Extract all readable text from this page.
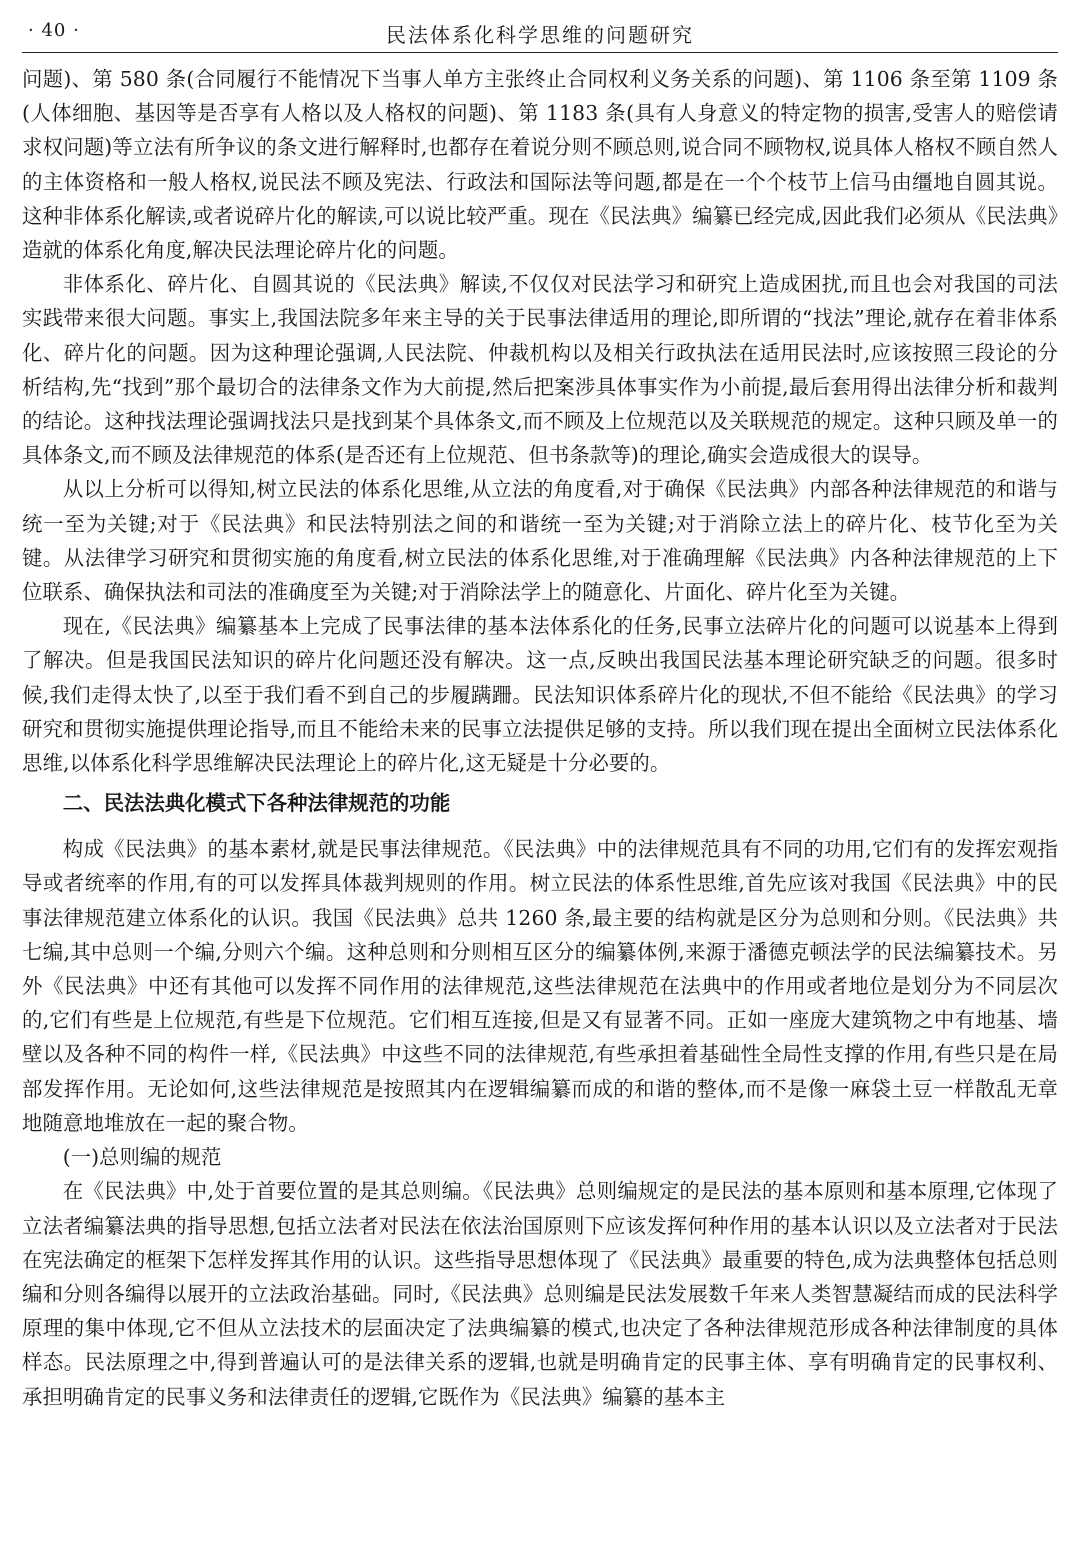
· 40 ·	民法体系化科学思维的问题研究

问题)、第 580 条(合同履行不能情况下当事人单方主张终止合同权利义务关系的问题)、第 1106 条至第 1109 条(人体细胞、基因等是否享有人格以及人格权的问题)、第 1183 条(具有人身意义的特定物的损害,受害人的赔偿请求权问题)等立法有所争议的条文进行解释时,也都存在着说分则不顾总则,说合同不顾物权,说具体人格权不顾自然人的主体资格和一般人格权,说民法不顾及宪法、行政法和国际法等问题,都是在一个个枝节上信马由缰地自圆其说。这种非体系化解读,或者说碎片化的解读,可以说比较严重。现在《民法典》编纂已经完成,因此我们必须从《民法典》造就的体系化角度,解决民法理论碎片化的问题。

非体系化、碎片化、自圆其说的《民法典》解读,不仅仅对民法学习和研究上造成困扰,而且也会对我国的司法实践带来很大问题。事实上,我国法院多年来主导的关于民事法律适用的理论,即所谓的“找法”理论,就存在着非体系化、碎片化的问题。因为这种理论强调,人民法院、仲裁机构以及相关行政执法在适用民法时,应该按照三段论的分析结构,先“找到”那个最切合的法律条文作为大前提,然后把案涉具体事实作为小前提,最后套用得出法律分析和裁判的结论。这种找法理论强调找法只是找到某个具体条文,而不顾及上位规范以及关联规范的规定。这种只顾及单一的具体条文,而不顾及法律规范的体系(是否还有上位规范、但书条款等)的理论,确实会造成很大的误导。

从以上分析可以得知,树立民法的体系化思维,从立法的角度看,对于确保《民法典》内部各种法律规范的和谐与统一至为关键;对于《民法典》和民法特别法之间的和谐统一至为关键;对于消除立法上的碎片化、枝节化至为关键。从法律学习研究和贯彻实施的角度看,树立民法的体系化思维,对于准确理解《民法典》内各种法律规范的上下位联系、确保执法和司法的准确度至为关键;对于消除法学上的随意化、片面化、碎片化至为关键。

现在,《民法典》编纂基本上完成了民事法律的基本法体系化的任务,民事立法碎片化的问题可以说基本上得到了解决。但是我国民法知识的碎片化问题还没有解决。这一点,反映出我国民法基本理论研究缺乏的问题。很多时候,我们走得太快了,以至于我们看不到自己的步履蹒跚。民法知识体系碎片化的现状,不但不能给《民法典》的学习研究和贯彻实施提供理论指导,而且不能给未来的民事立法提供足够的支持。所以我们现在提出全面树立民法体系化思维,以体系化科学思维解决民法理论上的碎片化,这无疑是十分必要的。

二、民法法典化模式下各种法律规范的功能

构成《民法典》的基本素材,就是民事法律规范。《民法典》中的法律规范具有不同的功用,它们有的发挥宏观指导或者统率的作用,有的可以发挥具体裁判规则的作用。树立民法的体系性思维,首先应该对我国《民法典》中的民事法律规范建立体系化的认识。我国《民法典》总共 1260 条,最主要的结构就是区分为总则和分则。《民法典》共七编,其中总则一个编,分则六个编。这种总则和分则相互区分的编纂体例,来源于潘德克顿法学的民法编纂技术。另外《民法典》中还有其他可以发挥不同作用的法律规范,这些法律规范在法典中的作用或者地位是划分为不同层次的,它们有些是上位规范,有些是下位规范。它们相互连接,但是又有显著不同。正如一座庞大建筑物之中有地基、墙壁以及各种不同的构件一样,《民法典》中这些不同的法律规范,有些承担着基础性全局性支撑的作用,有些只是在局部发挥作用。无论如何,这些法律规范是按照其内在逻辑编纂而成的和谐的整体,而不是像一麻袋土豆一样散乱无章地随意地堆放在一起的聚合物。

(一)总则编的规范

在《民法典》中,处于首要位置的是其总则编。《民法典》总则编规定的是民法的基本原则和基本原理,它体现了立法者编纂法典的指导思想,包括立法者对民法在依法治国原则下应该发挥何种作用的基本认识以及立法者对于民法在宪法确定的框架下怎样发挥其作用的认识。这些指导思想体现了《民法典》最重要的特色,成为法典整体包括总则编和分则各编得以展开的立法政治基础。同时,《民法典》总则编是民法发展数千年来人类智慧凝结而成的民法科学原理的集中体现,它不但从立法技术的层面决定了法典编纂的模式,也决定了各种法律规范形成各种法律制度的具体样态。民法原理之中,得到普遍认可的是法律关系的逻辑,也就是明确肯定的民事主体、享有明确肯定的民事权利、承担明确肯定的民事义务和法律责任的逻辑,它既作为《民法典》编纂的基本主
